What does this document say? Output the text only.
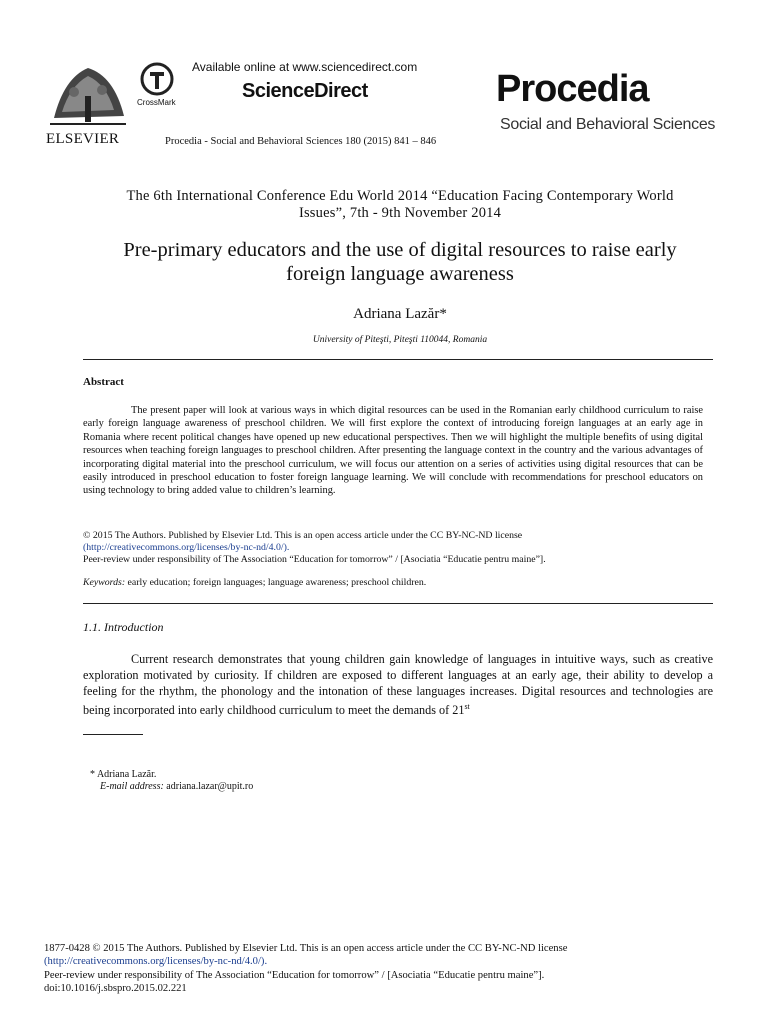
ELSEVIER
CrossMark
Available online at www.sciencedirect.com
ScienceDirect
Procedia - Social and Behavioral Sciences 180 (2015) 841 – 846
Procedia
Social and Behavioral Sciences
The 6th International Conference Edu World 2014 “Education Facing Contemporary World
Issues”, 7th - 9th November 2014
Pre-primary educators and the use of digital resources to raise early
foreign language awareness
Adriana Lazăr*
University of Piteşti, Piteşti 110044, Romania
Abstract
The present paper will look at various ways in which digital resources can be used in the Romanian early childhood curriculum to raise early foreign language awareness of preschool children. We will first explore the context of introducing foreign languages at an early age in Romania where recent political changes have opened up new educational perspectives. Then we will highlight the multiple benefits of using digital resources when teaching foreign languages to preschool children. After presenting the language context in the country and the various advantages of incorporating digital material into the preschool curriculum, we will focus our attention on a series of activities using digital resources that can be easily introduced in preschool education to foster foreign language learning. We will conclude with recommendations for preschool educators on using technology to bring added value to children’s learning.
© 2015 The Authors. Published by Elsevier Ltd. This is an open access article under the CC BY-NC-ND license
(http://creativecommons.org/licenses/by-nc-nd/4.0/).
Peer-review under responsibility of The Association “Education for tomorrow” / [Asociatia “Educatie pentru maine”].
Keywords: early education; foreign languages; language awareness; preschool children.
1.1. Introduction
Current research demonstrates that young children gain knowledge of languages in intuitive ways, such as creative exploration motivated by curiosity. If children are exposed to different languages at an early age, their ability to develop a feeling for the rhythm, the phonology and the intonation of these languages increases. Digital resources and technologies are being incorporated into early childhood curriculum to meet the demands of 21st
* Adriana Lazăr.
E-mail address: adriana.lazar@upit.ro
1877-0428 © 2015 The Authors. Published by Elsevier Ltd. This is an open access article under the CC BY-NC-ND license
(http://creativecommons.org/licenses/by-nc-nd/4.0/).
Peer-review under responsibility of The Association “Education for tomorrow” / [Asociatia “Educatie pentru maine”].
doi:10.1016/j.sbspro.2015.02.221
